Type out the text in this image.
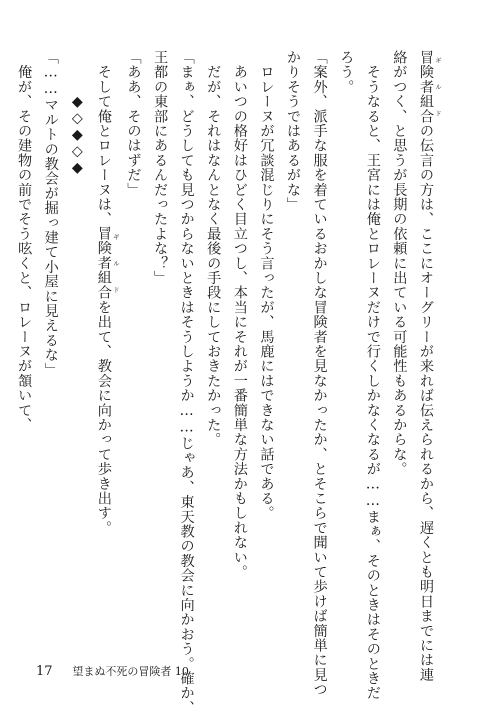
冒険者組合 ギルドの伝言の方は、ここにオーグリーが来れば伝えられるから、遅くとも明日までには連
絡がつく、と思うが長期の依頼に出ている可能性もあるからな。
　そうなると、王宮には俺とロレーヌだけで行くしかなくなるが……まぁ、そのときはそのときだ
ろう。
「案外、派手な服を着ているおかしな冒険者を見なかったか、とそこらで聞いて歩けば簡単に見つ
かりそうではあるがな」
　ロレーヌが冗談混じりにそう言ったが、馬鹿にはできない話である。
　あいつの格好はひどく目立つし、本当にそれが一番簡単な方法かもしれない。
　だが、それはなんとなく最後の手段にしておきたかった。
「まぁ、どうしても見つからないときはそうしようか……じゃあ、東天教の教会に向かおう。確か、
王都の東部にあるんだったよな？」
「ああ、そのはずだ」
　そして俺とロレーヌは、冒険者組合 ギルドを出て、教会に向かって歩き出す。
　　　◆◇◆◇◆
「……マルトの教会が掘っ建て小屋に見えるな」
　俺が、その建物の前でそう呟くと、ロレーヌが頷いて、
17 望まぬ不死の冒険者 10
